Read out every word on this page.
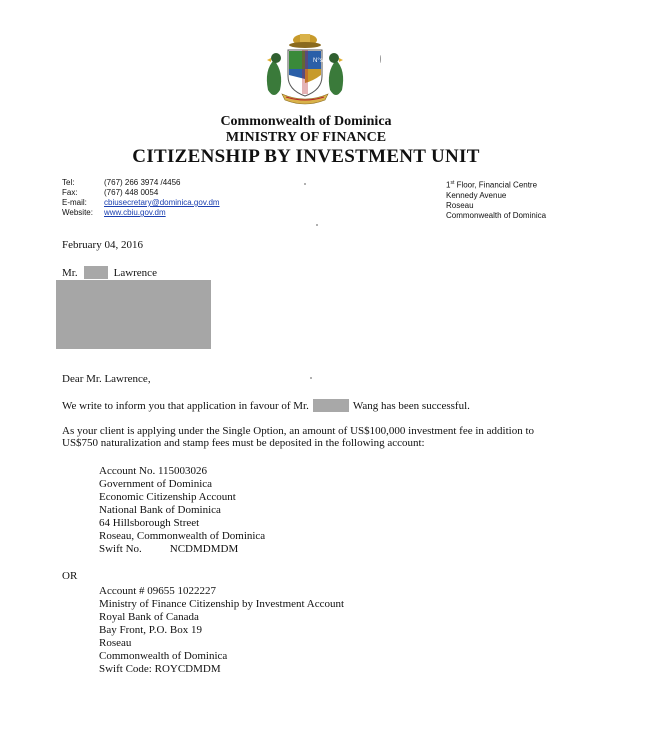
N°s
Commonwealth of Dominica
MINISTRY OF FINANCE
CITIZENSHIP BY INVESTMENT UNIT
Tel:	(767) 266 3974 /4456
Fax:	(767) 448 0054
E-mail:	cbiusecretary@dominica.gov.dm
Website:	www.cbiu.gov.dm
1st Floor, Financial Centre
Kennedy Avenue
Roseau
Commonwealth of Dominica
February 04, 2016
Mr.	Lawrence
Dear Mr. Lawrence,
We write to inform you that application in favour of Mr.	Wang has been successful.
As your client is applying under the Single Option, an amount of US$100,000 investment fee in addition to US$750 naturalization and stamp fees must be deposited in the following account:
Account No. 115003026
Government of Dominica
Economic Citizenship Account
National Bank of Dominica
64 Hillsborough Street
Roseau, Commonwealth of Dominica
Swift No.	NCDMDMDM
OR
Account # 09655 1022227
Ministry of Finance Citizenship by Investment Account
Royal Bank of Canada
Bay Front, P.O. Box 19
Roseau
Commonwealth of Dominica
Swift Code: ROYCDMDM
